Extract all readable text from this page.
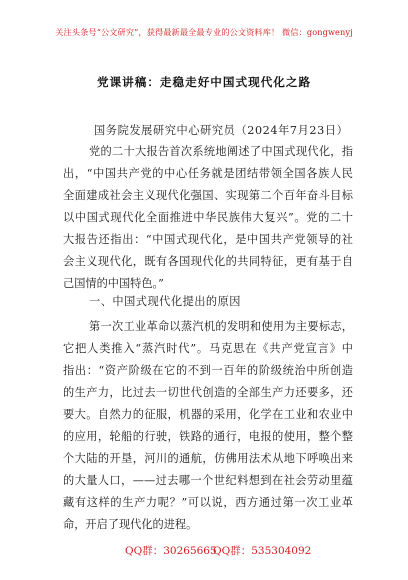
关注头条号“公文研究”，获得最新最全最专业的公文资料库！ 微信：gongwenyj
党课讲稿：走稳走好中国式现代化之路
国务院发展研究中心研究员（2024年7月23日）
党的二十大报告首次系统地阐述了中国式现代化，指
出，“中国共产党的中心任务就是团结带领全国各族人民
全面建成社会主义现代化强国、实现第二个百年奋斗目标
以中国式现代化全面推进中华民族伟大复兴”。党的二十
大报告还指出：“中国式现代化，是中国共产党领导的社
会主义现代化，既有各国现代化的共同特征，更有基于自
己国情的中国特色。”
一、中国式现代化提出的原因
第一次工业革命以蒸汽机的发明和使用为主要标志，
它把人类推入“蒸汽时代”。马克思在《共产党宣言》中
指出：“资产阶级在它的不到一百年的阶级统治中所创造
的生产力，比过去一切世代创造的全部生产力还要多，还
要大。自然力的征服，机器的采用，化学在工业和农业中
的应用，轮船的行驶，铁路的通行，电报的使用，整个整
个大陆的开垦，河川的通航，仿佛用法术从地下呼唤出来
的大量人口，——过去哪一个世纪料想到在社会劳动里蕴
藏有这样的生产力呢？”可以说，西方通过第一次工业革
命，开启了现代化的进程。
QQ群：30265665
QQ群：535304092
